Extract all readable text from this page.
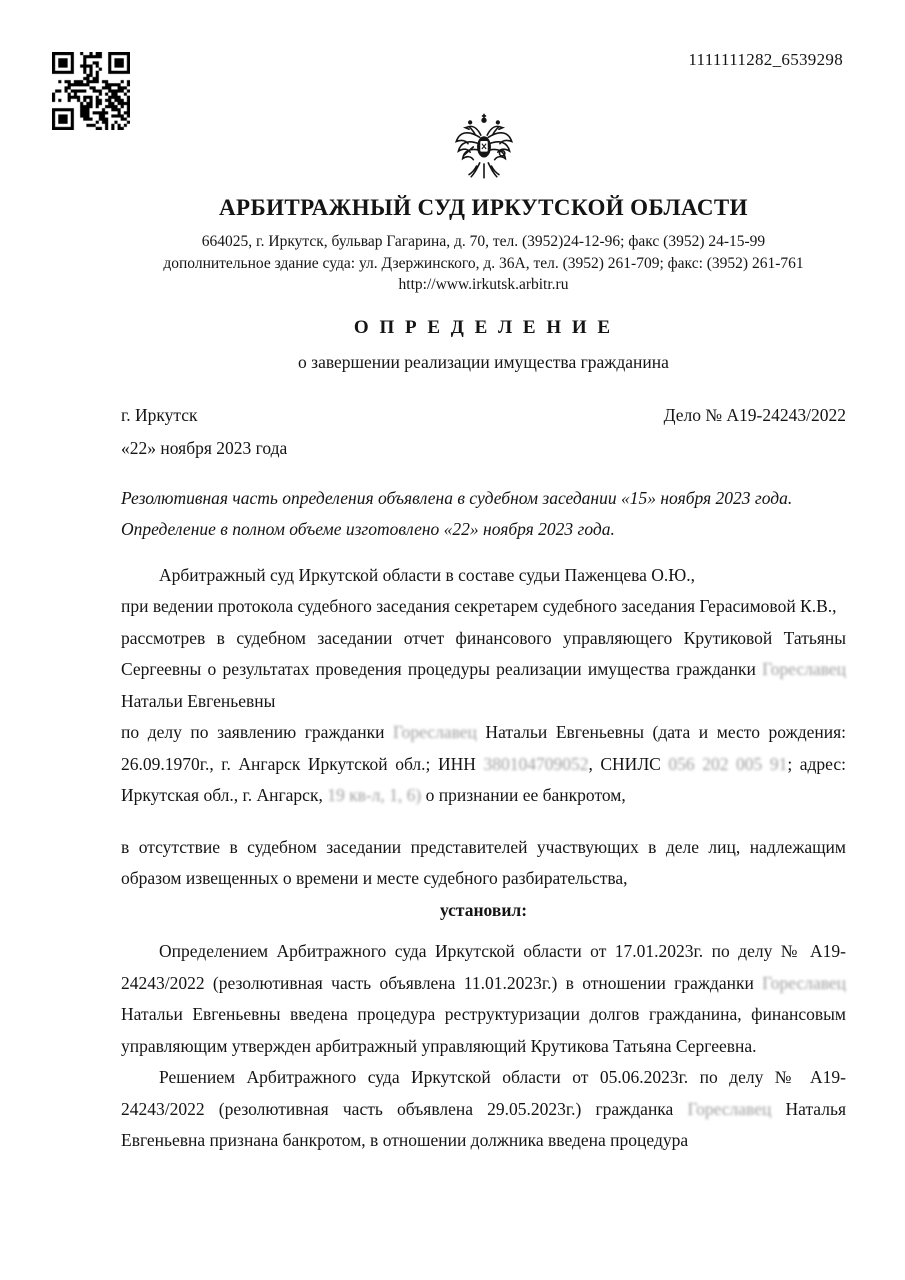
1111111282_6539298
АРБИТРАЖНЫЙ СУД ИРКУТСКОЙ ОБЛАСТИ
664025, г. Иркутск, бульвар Гагарина, д. 70, тел. (3952)24-12-96; факс (3952) 24-15-99
дополнительное здание суда: ул. Дзержинского, д. 36А, тел. (3952) 261-709; факс: (3952) 261-761
http://www.irkutsk.arbitr.ru
О П Р Е Д Е Л Е Н И Е
о завершении реализации имущества гражданина
г. Иркутск	Дело № А19-24243/2022
«22» ноября 2023 года

Резолютивная часть определения объявлена в судебном заседании «15» ноября 2023 года.

Определение в полном объеме изготовлено «22» ноября 2023 года.

Арбитражный суд Иркутской области в составе судьи Паженцева О.Ю.,

при ведении протокола судебного заседания секретарем судебного заседания Герасимовой К.В.,

рассмотрев в судебном заседании отчет финансового управляющего Крутиковой Татьяны Сергеевны о результатах проведения процедуры реализации имущества гражданки Гореславец Натальи Евгеньевны

по делу по заявлению гражданки Гореславец Натальи Евгеньевны (дата и место рождения: 26.09.1970г., г. Ангарск Иркутской обл.; ИНН 380104709052, СНИЛС 056 202 005 91; адрес: Иркутская обл., г. Ангарск, 19 кв-л, 1, 6) о признании ее банкротом,

в отсутствие в судебном заседании представителей участвующих в деле лиц, надлежащим образом извещенных о времени и месте судебного разбирательства,

установил:

Определением Арбитражного суда Иркутской области от 17.01.2023г. по делу № А19-24243/2022 (резолютивная часть объявлена 11.01.2023г.) в отношении гражданки Гореславец Натальи Евгеньевны введена процедура реструктуризации долгов гражданина, финансовым управляющим утвержден арбитражный управляющий Крутикова Татьяна Сергеевна.

Решением Арбитражного суда Иркутской области от 05.06.2023г. по делу № А19-24243/2022 (резолютивная часть объявлена 29.05.2023г.) гражданка Гореславец Наталья Евгеньевна признана банкротом, в отношении должника введена процедура
